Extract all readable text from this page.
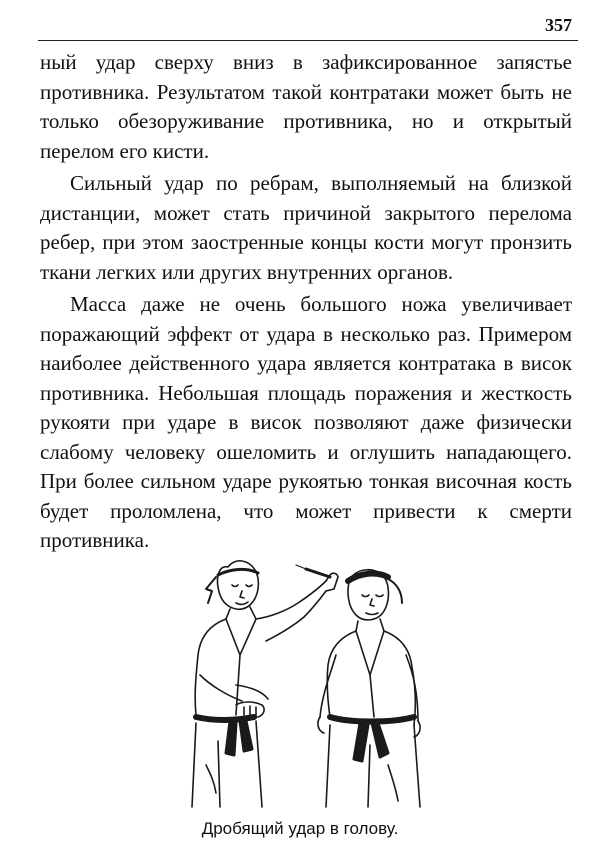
357

ный удар сверху вниз в зафиксированное запястье противника. Результатом такой контратаки может быть не только обезоруживание противника, но и открытый перелом его кисти.

Сильный удар по ребрам, выполняемый на близкой дистанции, может стать причиной закрытого перелома ребер, при этом заостренные концы кости могут пронзить ткани легких или других внутренних органов.

Масса даже не очень большого ножа увеличивает поражающий эффект от удара в несколько раз. Примером наиболее действенного удара является контратака в висок противника. Небольшая площадь поражения и жесткость рукояти при ударе в висок позволяют даже физически слабому человеку ошеломить и оглушить нападающего. При более сильном ударе рукоятью тонкая височная кость будет проломлена, что может привести к смерти противника.

Дробящий удар в голову.
